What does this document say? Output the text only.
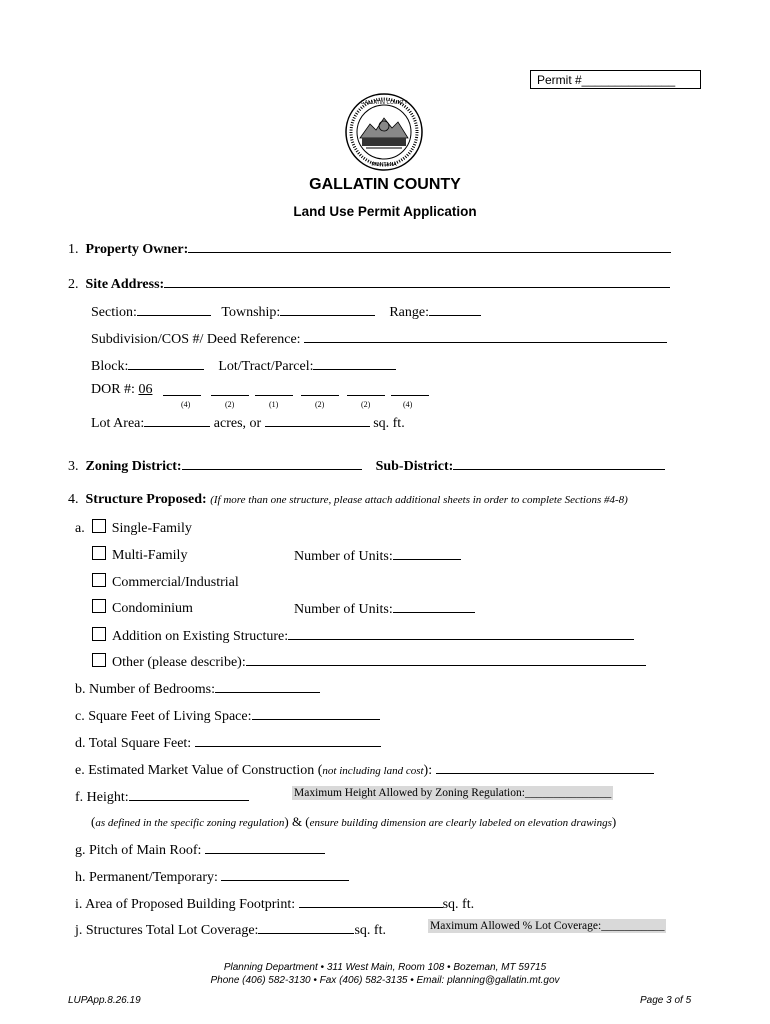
Permit #______________
GALLATIN COUNTY
MONTANA
GALLATIN COUNTY
Land Use Permit Application
1. Property Owner:
2. Site Address:
Section:	Township:	Range:
Subdivision/COS #/ Deed Reference:
Block:	Lot/Tract/Parcel:
DOR #: 06
(4)	(2)	(1)	(2)	(2)	(4)
Lot Area:	acres, or	sq. ft.
3. Zoning District:	Sub-District:
4. Structure Proposed: (If more than one structure, please attach additional sheets in order to complete Sections #4-8)
a. Single-Family
Multi-Family	Number of Units:
Commercial/Industrial
Condominium	Number of Units:
Addition on Existing Structure:
Other (please describe):
b. Number of Bedrooms:
c. Square Feet of Living Space:
d. Total Square Feet:
e. Estimated Market Value of Construction (not including land cost):
f. Height:	Maximum Height Allowed by Zoning Regulation:_______________
(as defined in the specific zoning regulation) & (ensure building dimension are clearly labeled on elevation drawings)
g. Pitch of Main Roof:
h. Permanent/Temporary:
i. Area of Proposed Building Footprint:	sq. ft.
j. Structures Total Lot Coverage:	sq. ft.	Maximum Allowed % Lot Coverage:___________
Planning Department • 311 West Main, Room 108 • Bozeman, MT 59715
Phone (406) 582-3130 • Fax (406) 582-3135 • Email: planning@gallatin.mt.gov
LUPApp.8.26.19	Page 3 of 5
